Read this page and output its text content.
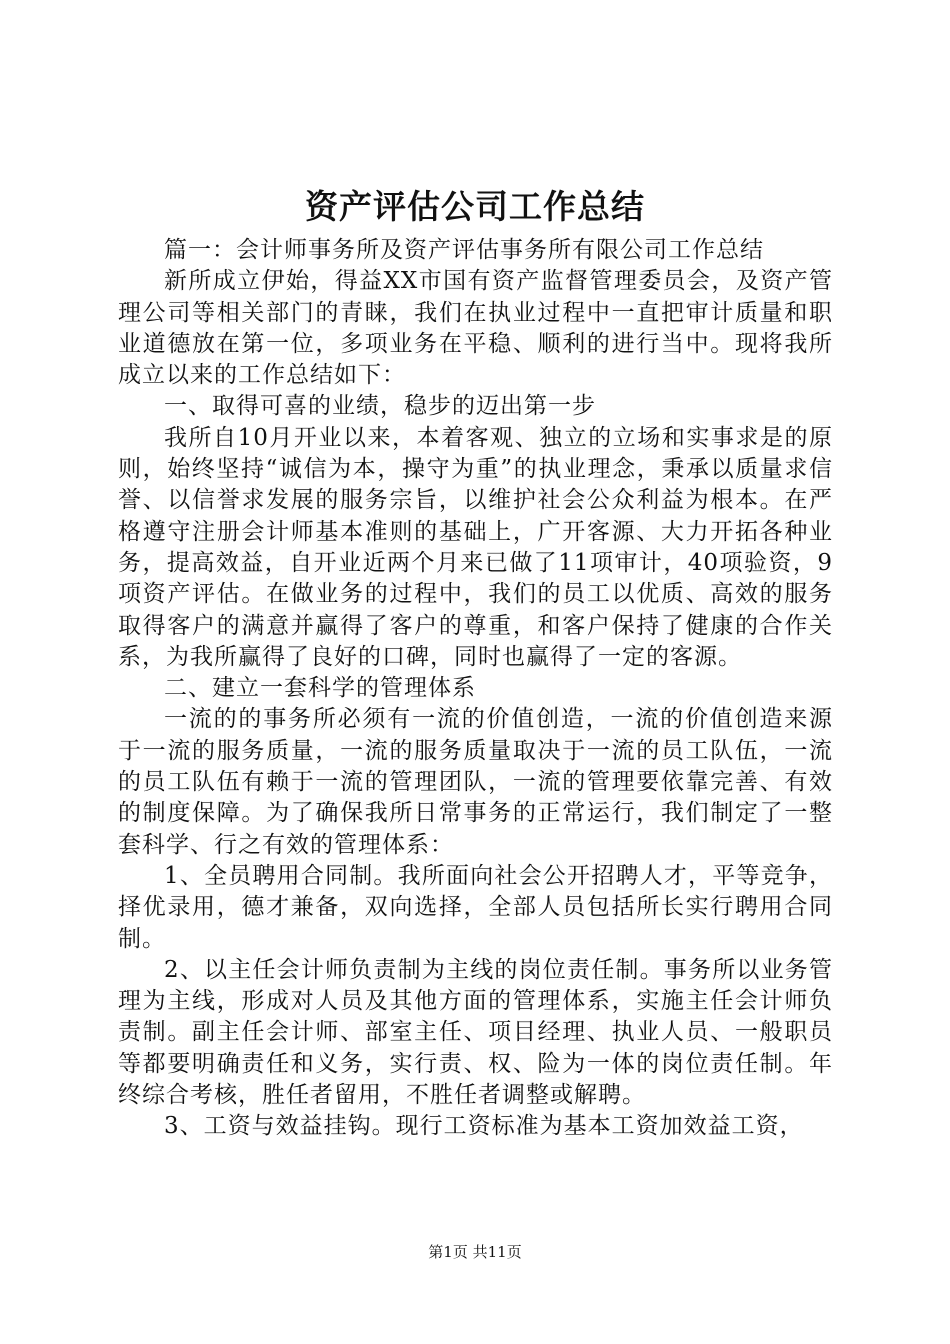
资产评估公司工作总结

篇一：会计师事务所及资产评估事务所有限公司工作总结

新所成立伊始，得益XX市国有资产监督管理委员会，及资产管理公司等相关部门的青睐，我们在执业过程中一直把审计质量和职业道德放在第一位，多项业务在平稳、顺利的进行当中。现将我所成立以来的工作总结如下：

一、取得可喜的业绩，稳步的迈出第一步

我所自10月开业以来，本着客观、独立的立场和实事求是的原则，始终坚持“诚信为本，操守为重”的执业理念，秉承以质量求信誉、以信誉求发展的服务宗旨，以维护社会公众利益为根本。在严格遵守注册会计师基本准则的基础上，广开客源、大力开拓各种业务，提高效益，自开业近两个月来已做了11项审计，40项验资，9项资产评估。在做业务的过程中，我们的员工以优质、高效的服务取得客户的满意并赢得了客户的尊重，和客户保持了健康的合作关系，为我所赢得了良好的口碑，同时也赢得了一定的客源。

二、建立一套科学的管理体系

一流的的事务所必须有一流的价值创造，一流的价值创造来源于一流的服务质量，一流的服务质量取决于一流的员工队伍，一流的员工队伍有赖于一流的管理团队，一流的管理要依靠完善、有效的制度保障。为了确保我所日常事务的正常运行，我们制定了一整套科学、行之有效的管理体系：

1、全员聘用合同制。我所面向社会公开招聘人才，平等竞争，择优录用，德才兼备，双向选择，全部人员包括所长实行聘用合同制。

2、以主任会计师负责制为主线的岗位责任制。事务所以业务管理为主线，形成对人员及其他方面的管理体系，实施主任会计师负责制。副主任会计师、部室主任、项目经理、执业人员、一般职员等都要明确责任和义务，实行责、权、险为一体的岗位责任制。年终综合考核，胜任者留用，不胜任者调整或解聘。

3、工资与效益挂钩。现行工资标准为基本工资加效益工资，

第1页 共11页
